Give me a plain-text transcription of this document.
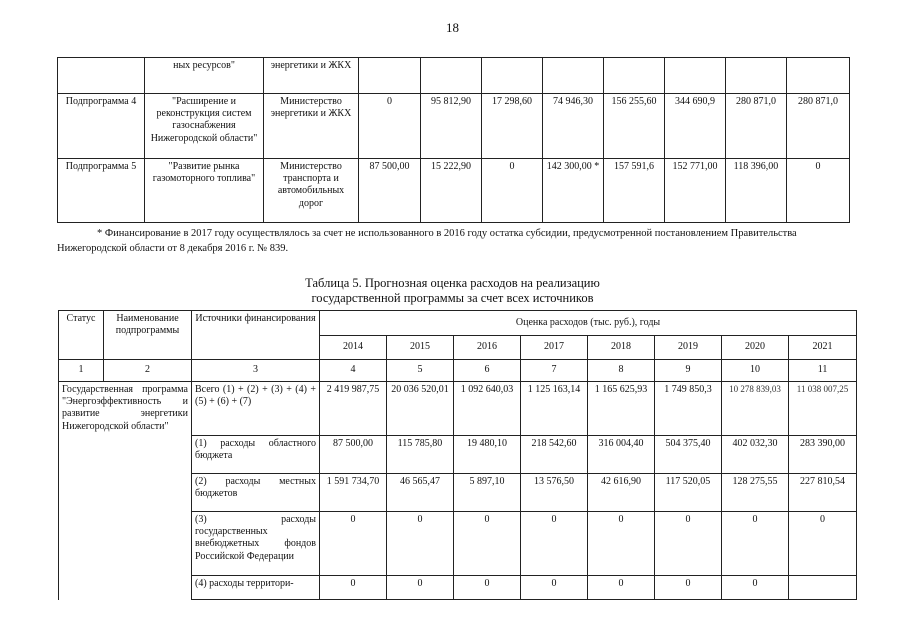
18
	ных ресурсов"	энергетики и ЖКХ								
Подпрограмма 4	"Расширение и реконструкция систем газоснабжения Нижегородской области"	Министерство энергетики и ЖКХ	0	95 812,90	17 298,60	74 946,30	156 255,60	344 690,9	280 871,0	280 871,0
Подпрограмма 5	"Развитие рынка газомоторного топлива"	Министерство транспорта и автомобильных дорог	87 500,00	15 222,90	0	142 300,00 *	157 591,6	152 771,00	118 396,00	0
* Финансирование в 2017 году осуществлялось за счет не использованного в 2016 году остатка субсидии, предусмотренной постановлением Правительства Нижегородской области от 8 декабря 2016 г. № 839.
Таблица 5. Прогнозная оценка расходов на реализацию
государственной программы за счет всех источников
Статус	Наименование подпрограммы	Источники финансирования	Оценка расходов (тыс. руб.), годы							
			2014	2015	2016	2017	2018	2019	2020	2021
1	2	3	4	5	6	7	8	9	10	11
Государственная программа "Энергоэффективность и развитие энергетики Нижегородской области"		Всего (1) + (2) + (3) + (4) + (5) + (6) + (7)	2 419 987,75	20 036 520,01	1 092 640,03	1 125 163,14	1 165 625,93	1 749 850,3	10 278 839,03	11 038 007,25
		(1) расходы областного бюджета	87 500,00	115 785,80	19 480,10	218 542,60	316 004,40	504 375,40	402 032,30	283 390,00
		(2) расходы местных бюджетов	1 591 734,70	46 565,47	5 897,10	13 576,50	42 616,90	117 520,05	128 275,55	227 810,54
		(3) расходы государственных внебюджетных фондов Российской Федерации	0	0	0	0	0	0	0	0
		(4) расходы территори-	0	0	0	0	0	0	0	
